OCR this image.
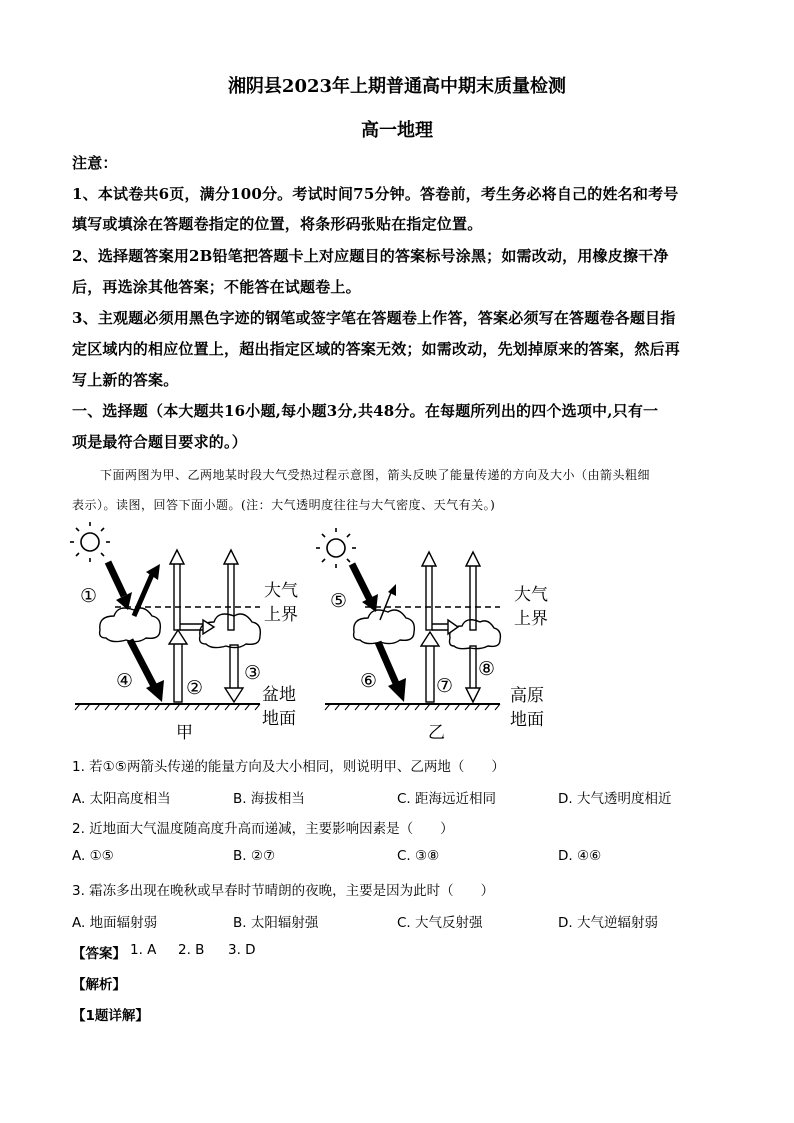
湘阴县2023年上期普通高中期末质量检测
高一地理
注意：
1、本试卷共6页，满分100分。考试时间75分钟。答卷前，考生务必将自己的姓名和考号
填写或填涂在答题卷指定的位置，将条形码张贴在指定位置。
2、选择题答案用2B铅笔把答题卡上对应题目的答案标号涂黑；如需改动，用橡皮擦干净
后，再选涂其他答案；不能答在试题卷上。
3、主观题必须用黑色字迹的钢笔或签字笔在答题卷上作答，答案必须写在答题卷各题目指
定区域内的相应位置上，超出指定区域的答案无效；如需改动，先划掉原来的答案，然后再
写上新的答案。
一、选择题（本大题共16小题,每小题3分,共48分。在每题所列出的四个选项中,只有一
项是最符合题目要求的。）
下面两图为甲、乙两地某时段大气受热过程示意图，箭头反映了能量传递的方向及大小（由箭头粗细
表示）。读图，回答下面小题。(注：大气透明度往往与大气密度、天气有关。)
①
②
③
④
大气
上界
盆地
地面
甲
⑤
⑥	⑦
⑧
大气
上界
高原
地面
乙
1. 若①⑤两箭头传递的能量方向及大小相同，则说明甲、乙两地（　　）
A. 太阳高度相当	B. 海拔相当	C. 距海远近相同	D. 大气透明度相近
2. 近地面大气温度随高度升高而递减，主要影响因素是（　　）
A. ①⑤	B. ②⑦	C. ③⑧	D. ④⑥
3. 霜冻多出现在晚秋或早春时节晴朗的夜晚，主要是因为此时（　　）
A. 地面辐射弱	B. 太阳辐射强	C. 大气反射强	D. 大气逆辐射弱
【答案】 1. A 2. B 3. D
【解析】
【1题详解】
